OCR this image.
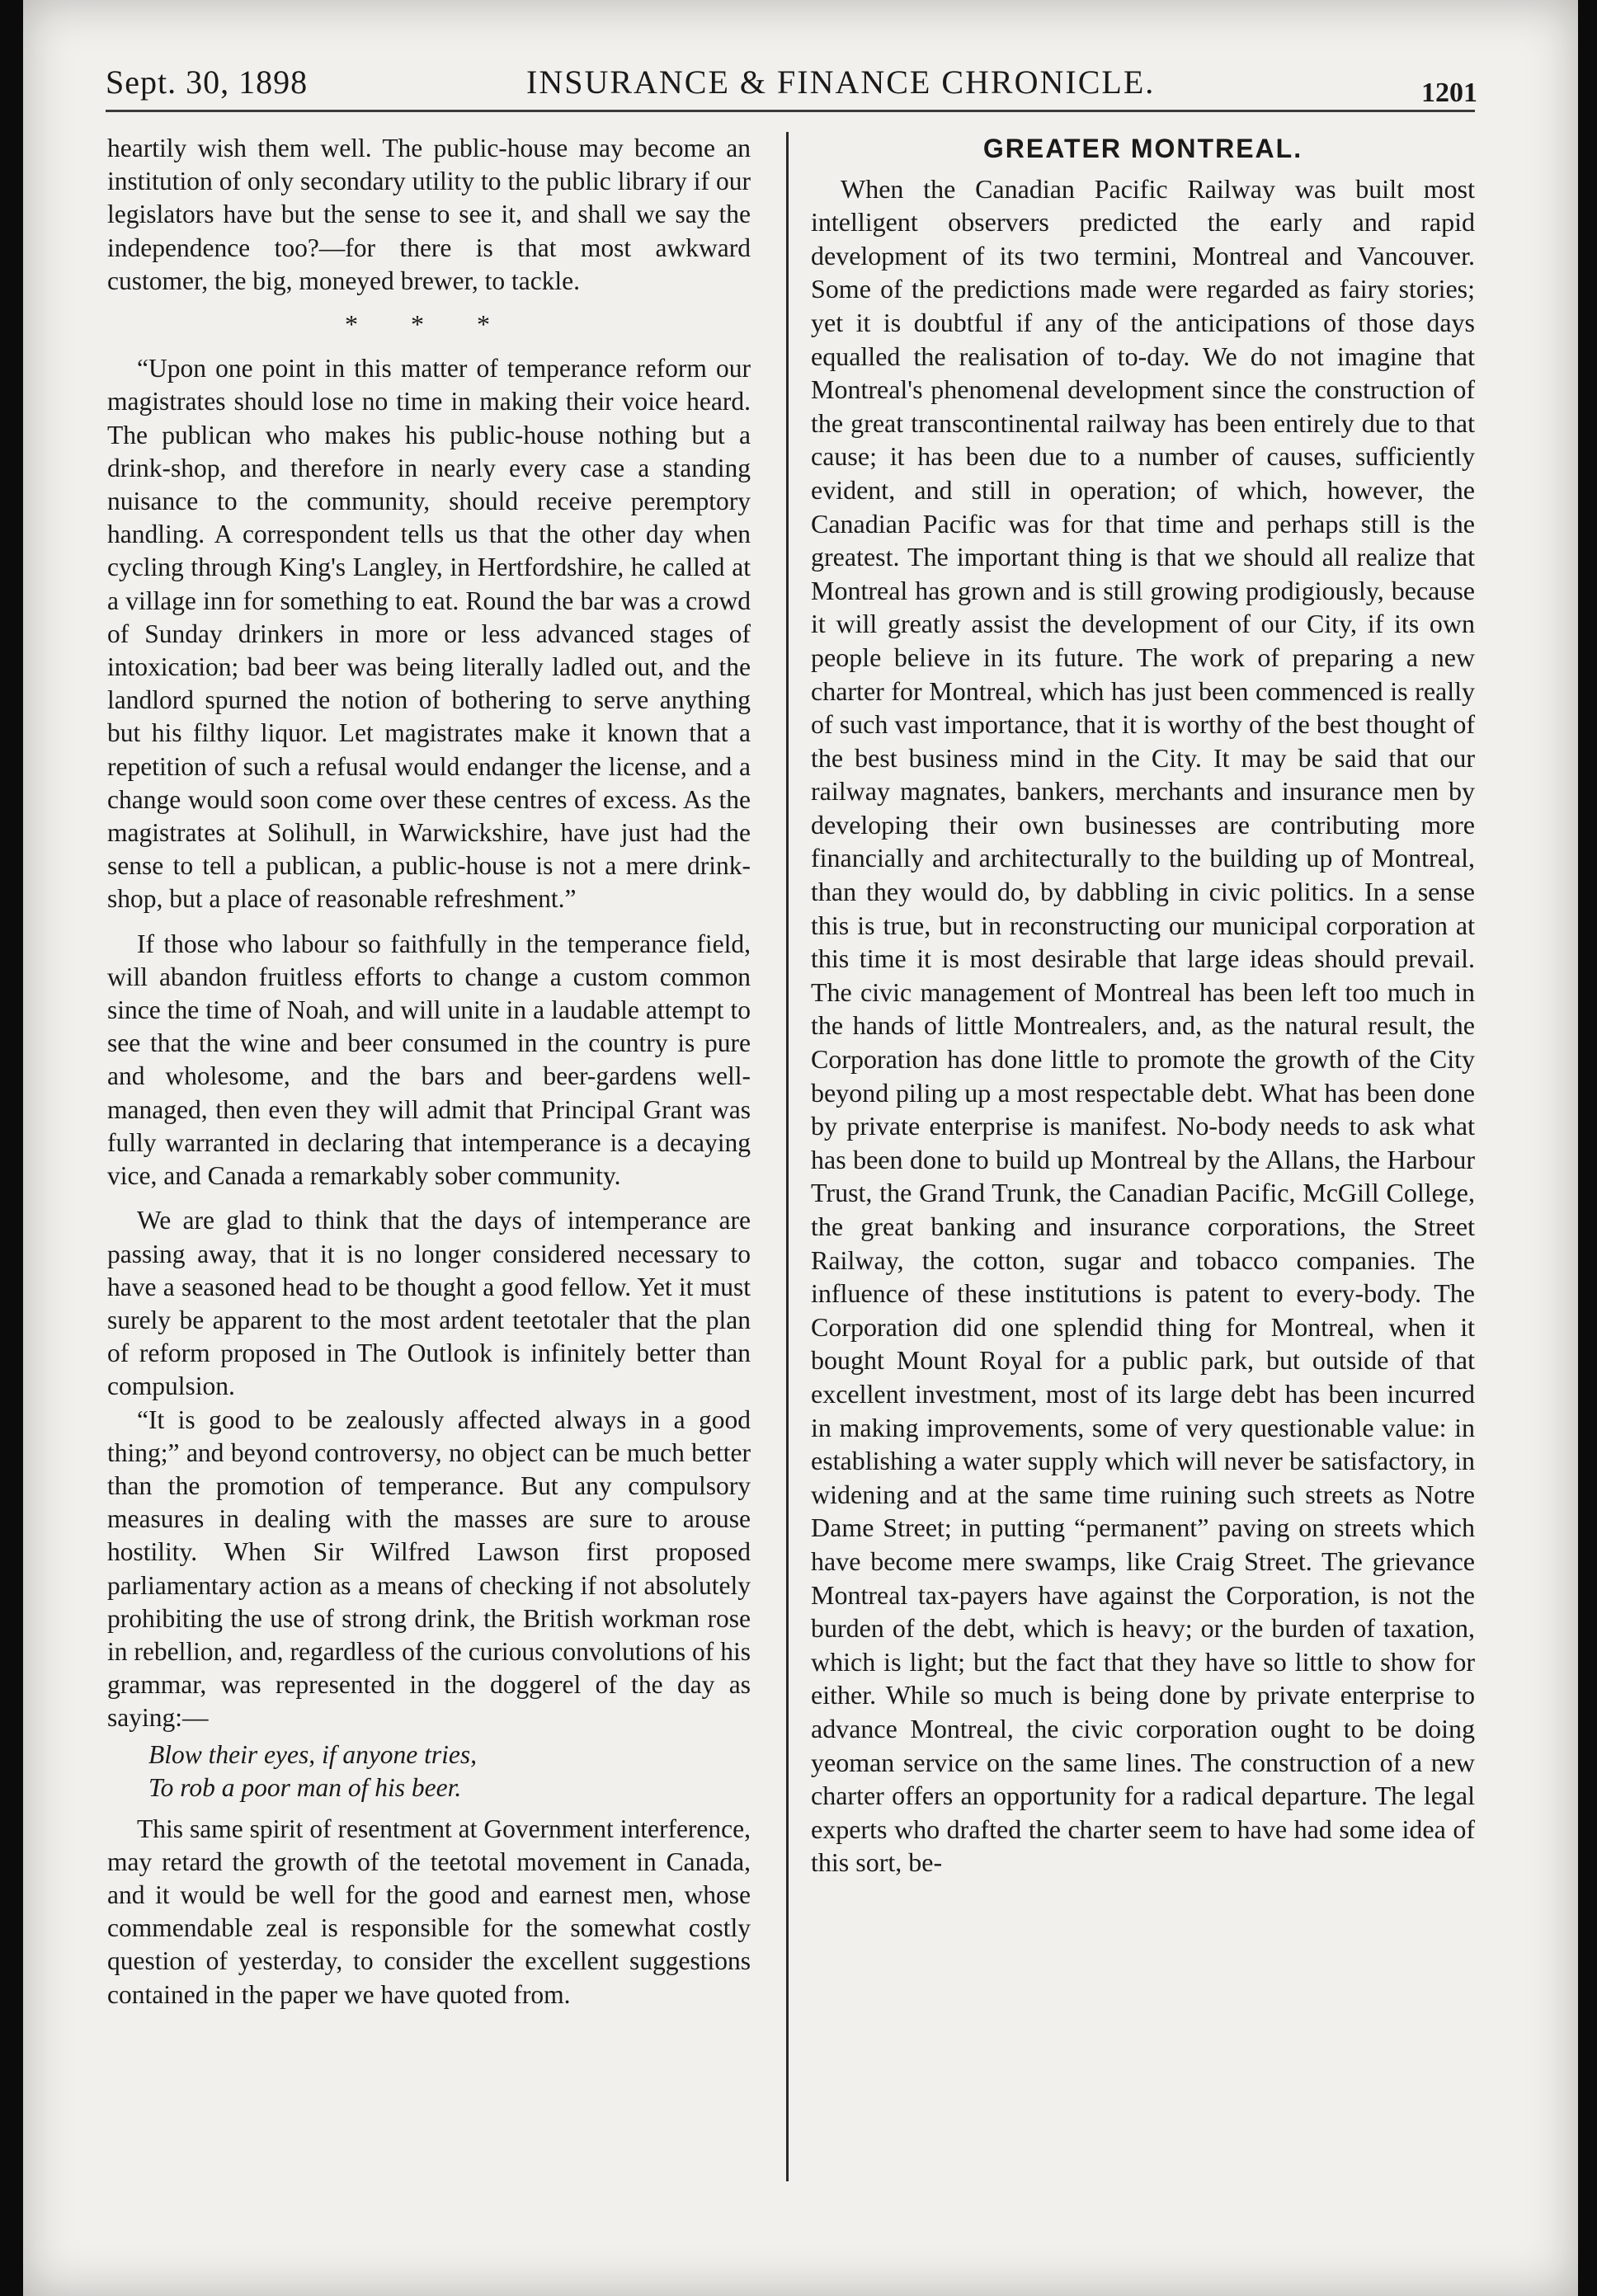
Sept. 30, 1898	INSURANCE & FINANCE CHRONICLE.	1201

heartily wish them well. The public-house may become an institution of only secondary utility to the public library if our legislators have but the sense to see it, and shall we say the independence too?—for there is that most awkward customer, the big, moneyed brewer, to tackle.

* * *

“Upon one point in this matter of temperance reform our magistrates should lose no time in making their voice heard. The publican who makes his public-house nothing but a drink-shop, and therefore in nearly every case a standing nuisance to the community, should receive peremptory handling. A correspondent tells us that the other day when cycling through King's Langley, in Hertfordshire, he called at a village inn for something to eat. Round the bar was a crowd of Sunday drinkers in more or less advanced stages of intoxication; bad beer was being literally ladled out, and the landlord spurned the notion of bothering to serve anything but his filthy liquor. Let magistrates make it known that a repetition of such a refusal would endanger the license, and a change would soon come over these centres of excess. As the magistrates at Solihull, in Warwickshire, have just had the sense to tell a publican, a public-house is not a mere drink-shop, but a place of reasonable refreshment.”

If those who labour so faithfully in the temperance field, will abandon fruitless efforts to change a custom common since the time of Noah, and will unite in a laudable attempt to see that the wine and beer consumed in the country is pure and wholesome, and the bars and beer-gardens well-managed, then even they will admit that Principal Grant was fully warranted in declaring that intemperance is a decaying vice, and Canada a remarkably sober community.

We are glad to think that the days of intemperance are passing away, that it is no longer considered necessary to have a seasoned head to be thought a good fellow. Yet it must surely be apparent to the most ardent teetotaler that the plan of reform proposed in The Outlook is infinitely better than compulsion.

“It is good to be zealously affected always in a good thing;” and beyond controversy, no object can be much better than the promotion of temperance. But any compulsory measures in dealing with the masses are sure to arouse hostility. When Sir Wilfred Lawson first proposed parliamentary action as a means of checking if not absolutely prohibiting the use of strong drink, the British workman rose in rebellion, and, regardless of the curious convolutions of his grammar, was represented in the doggerel of the day as saying:—

Blow their eyes, if anyone tries,
To rob a poor man of his beer.

This same spirit of resentment at Government interference, may retard the growth of the teetotal movement in Canada, and it would be well for the good and earnest men, whose commendable zeal is responsible for the somewhat costly question of yesterday, to consider the excellent suggestions contained in the paper we have quoted from.

GREATER MONTREAL.

When the Canadian Pacific Railway was built most intelligent observers predicted the early and rapid development of its two termini, Montreal and Vancouver. Some of the predictions made were regarded as fairy stories; yet it is doubtful if any of the anticipations of those days equalled the realisation of to-day. We do not imagine that Montreal's phenomenal development since the construction of the great transcontinental railway has been entirely due to that cause; it has been due to a number of causes, sufficiently evident, and still in operation; of which, however, the Canadian Pacific was for that time and perhaps still is the greatest. The important thing is that we should all realize that Montreal has grown and is still growing prodigiously, because it will greatly assist the development of our City, if its own people believe in its future. The work of preparing a new charter for Montreal, which has just been commenced is really of such vast importance, that it is worthy of the best thought of the best business mind in the City. It may be said that our railway magnates, bankers, merchants and insurance men by developing their own businesses are contributing more financially and architecturally to the building up of Montreal, than they would do, by dabbling in civic politics. In a sense this is true, but in reconstructing our municipal corporation at this time it is most desirable that large ideas should prevail. The civic management of Montreal has been left too much in the hands of little Montrealers, and, as the natural result, the Corporation has done little to promote the growth of the City beyond piling up a most respectable debt. What has been done by private enterprise is manifest. No-body needs to ask what has been done to build up Montreal by the Allans, the Harbour Trust, the Grand Trunk, the Canadian Pacific, McGill College, the great banking and insurance corporations, the Street Railway, the cotton, sugar and tobacco companies. The influence of these institutions is patent to every-body. The Corporation did one splendid thing for Montreal, when it bought Mount Royal for a public park, but outside of that excellent investment, most of its large debt has been incurred in making improvements, some of very questionable value: in establishing a water supply which will never be satisfactory, in widening and at the same time ruining such streets as Notre Dame Street; in putting “permanent” paving on streets which have become mere swamps, like Craig Street. The grievance Montreal tax-payers have against the Corporation, is not the burden of the debt, which is heavy; or the burden of taxation, which is light; but the fact that they have so little to show for either. While so much is being done by private enterprise to advance Montreal, the civic corporation ought to be doing yeoman service on the same lines. The construction of a new charter offers an opportunity for a radical departure. The legal experts who drafted the charter seem to have had some idea of this sort, be-
